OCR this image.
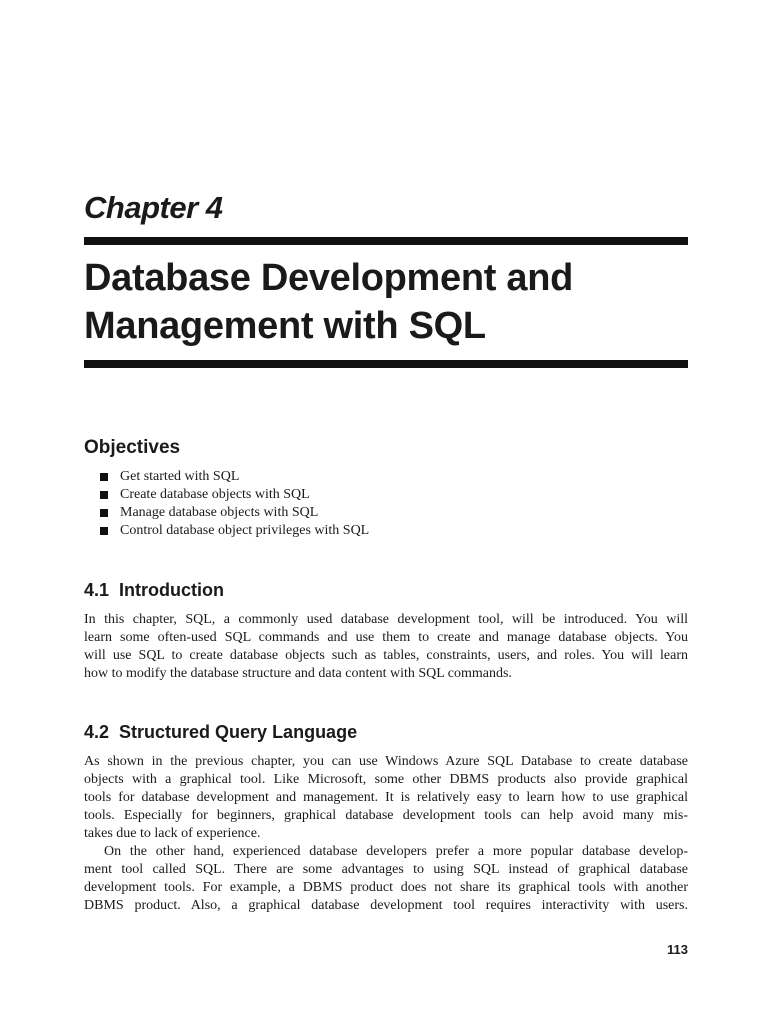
Chapter 4
Database Development and
Management with SQL
Objectives
Get started with SQL
Create database objects with SQL
Manage database objects with SQL
Control database object privileges with SQL
4.1 Introduction

In this chapter, SQL, a commonly used database development tool, will be introduced. You will
learn some often-used SQL commands and use them to create and manage database objects. You
will use SQL to create database objects such as tables, constraints, users, and roles. You will learn
how to modify the database structure and data content with SQL commands.

4.2 Structured Query Language

As shown in the previous chapter, you can use Windows Azure SQL Database to create database
objects with a graphical tool. Like Microsoft, some other DBMS products also provide graphical
tools for database development and management. It is relatively easy to learn how to use graphical
tools. Especially for beginners, graphical database development tools can help avoid many mis-
takes due to lack of experience.

On the other hand, experienced database developers prefer a more popular database develop-
ment tool called SQL. There are some advantages to using SQL instead of graphical database
development tools. For example, a DBMS product does not share its graphical tools with another
DBMS product. Also, a graphical database development tool requires interactivity with users.

113
